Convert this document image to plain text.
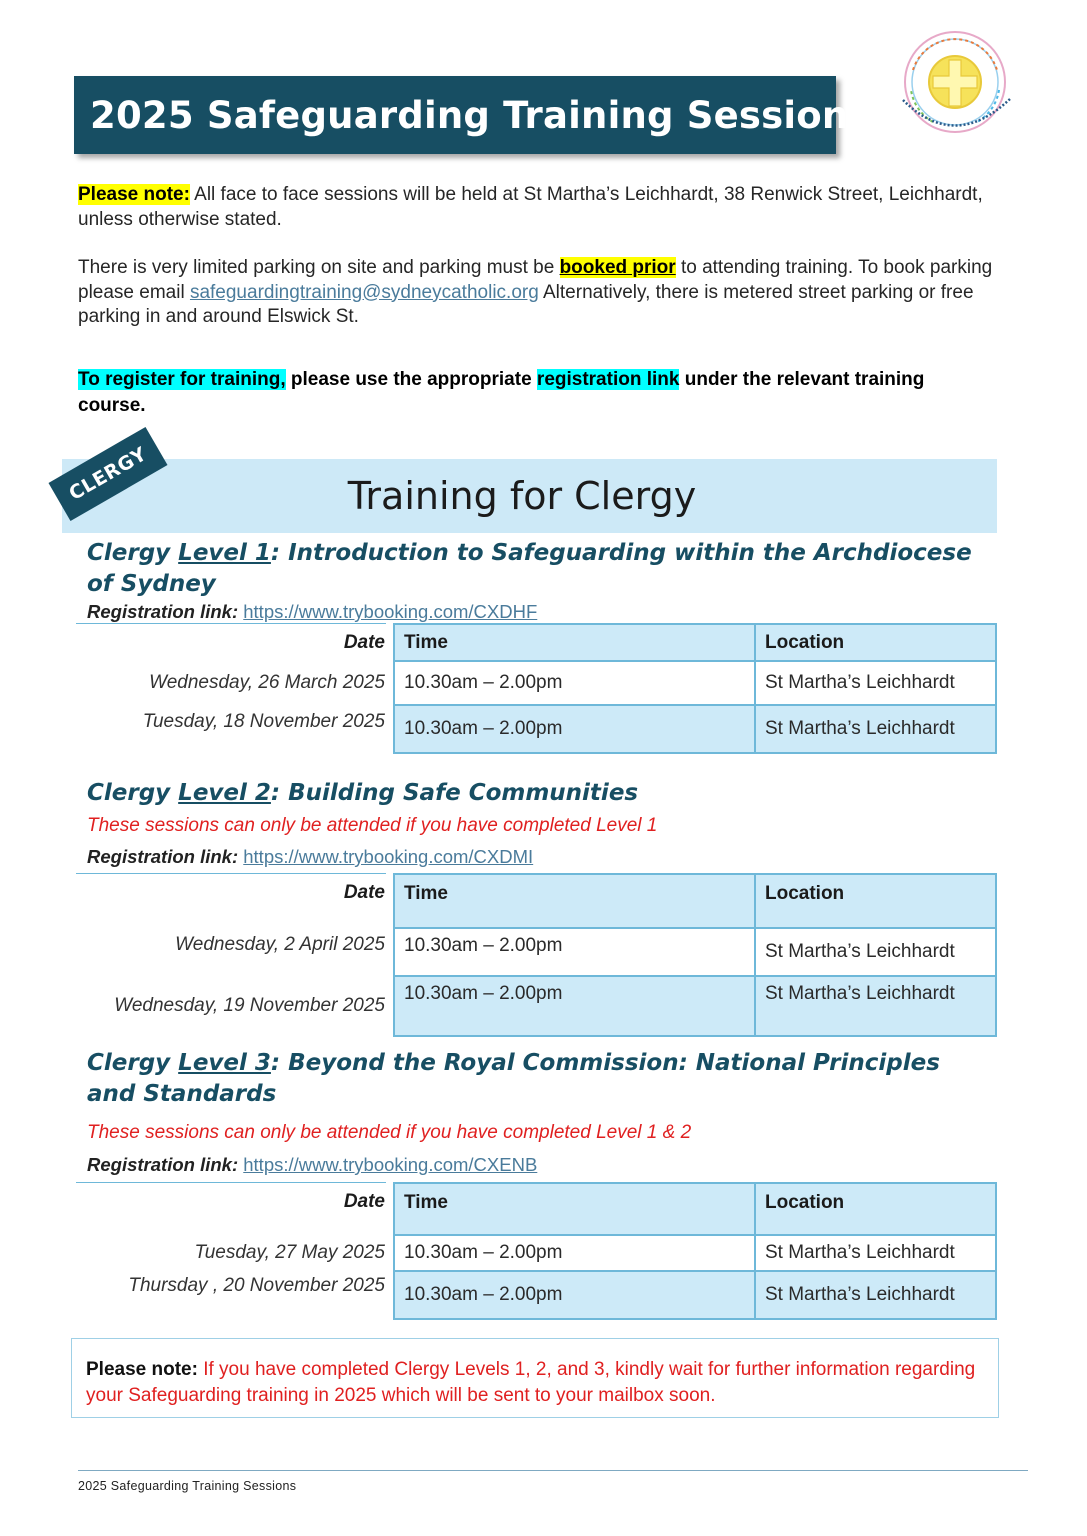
2025 Safeguarding Training Sessions
Please note: All face to face sessions will be held at St Martha’s Leichhardt, 38 Renwick Street, Leichhardt, unless otherwise stated.
There is very limited parking on site and parking must be booked prior to attending training. To book parking please email safeguardingtraining@sydneycatholic.org Alternatively, there is metered street parking or free parking in and around Elswick St.
To register for training, please use the appropriate registration link under the relevant training course.
Training for Clergy
CLERGY
Clergy Level 1: Introduction to Safeguarding within the Archdiocese of Sydney
Registration link: https://www.trybooking.com/CXDHF
Date	Time	Location
Wednesday, 26 March 2025	10.30am – 2.00pm	St Martha’s Leichhardt
Tuesday, 18 November 2025	10.30am – 2.00pm	St Martha’s Leichhardt
Clergy Level 2: Building Safe Communities
These sessions can only be attended if you have completed Level 1
Registration link: https://www.trybooking.com/CXDMI
Date	Time	Location
Wednesday, 2 April 2025	10.30am – 2.00pm	St Martha’s Leichhardt
Wednesday, 19 November 2025	10.30am – 2.00pm	St Martha’s Leichhardt
Clergy Level 3: Beyond the Royal Commission: National Principles and Standards
These sessions can only be attended if you have completed Level 1 & 2
Registration link: https://www.trybooking.com/CXENB
Date	Time	Location
Tuesday, 27 May 2025	10.30am – 2.00pm	St Martha’s Leichhardt
Thursday , 20 November 2025	10.30am – 2.00pm	St Martha’s Leichhardt
Please note: If you have completed Clergy Levels 1, 2, and 3, kindly wait for further information regarding your Safeguarding training in 2025 which will be sent to your mailbox soon.
2025 Safeguarding Training Sessions
